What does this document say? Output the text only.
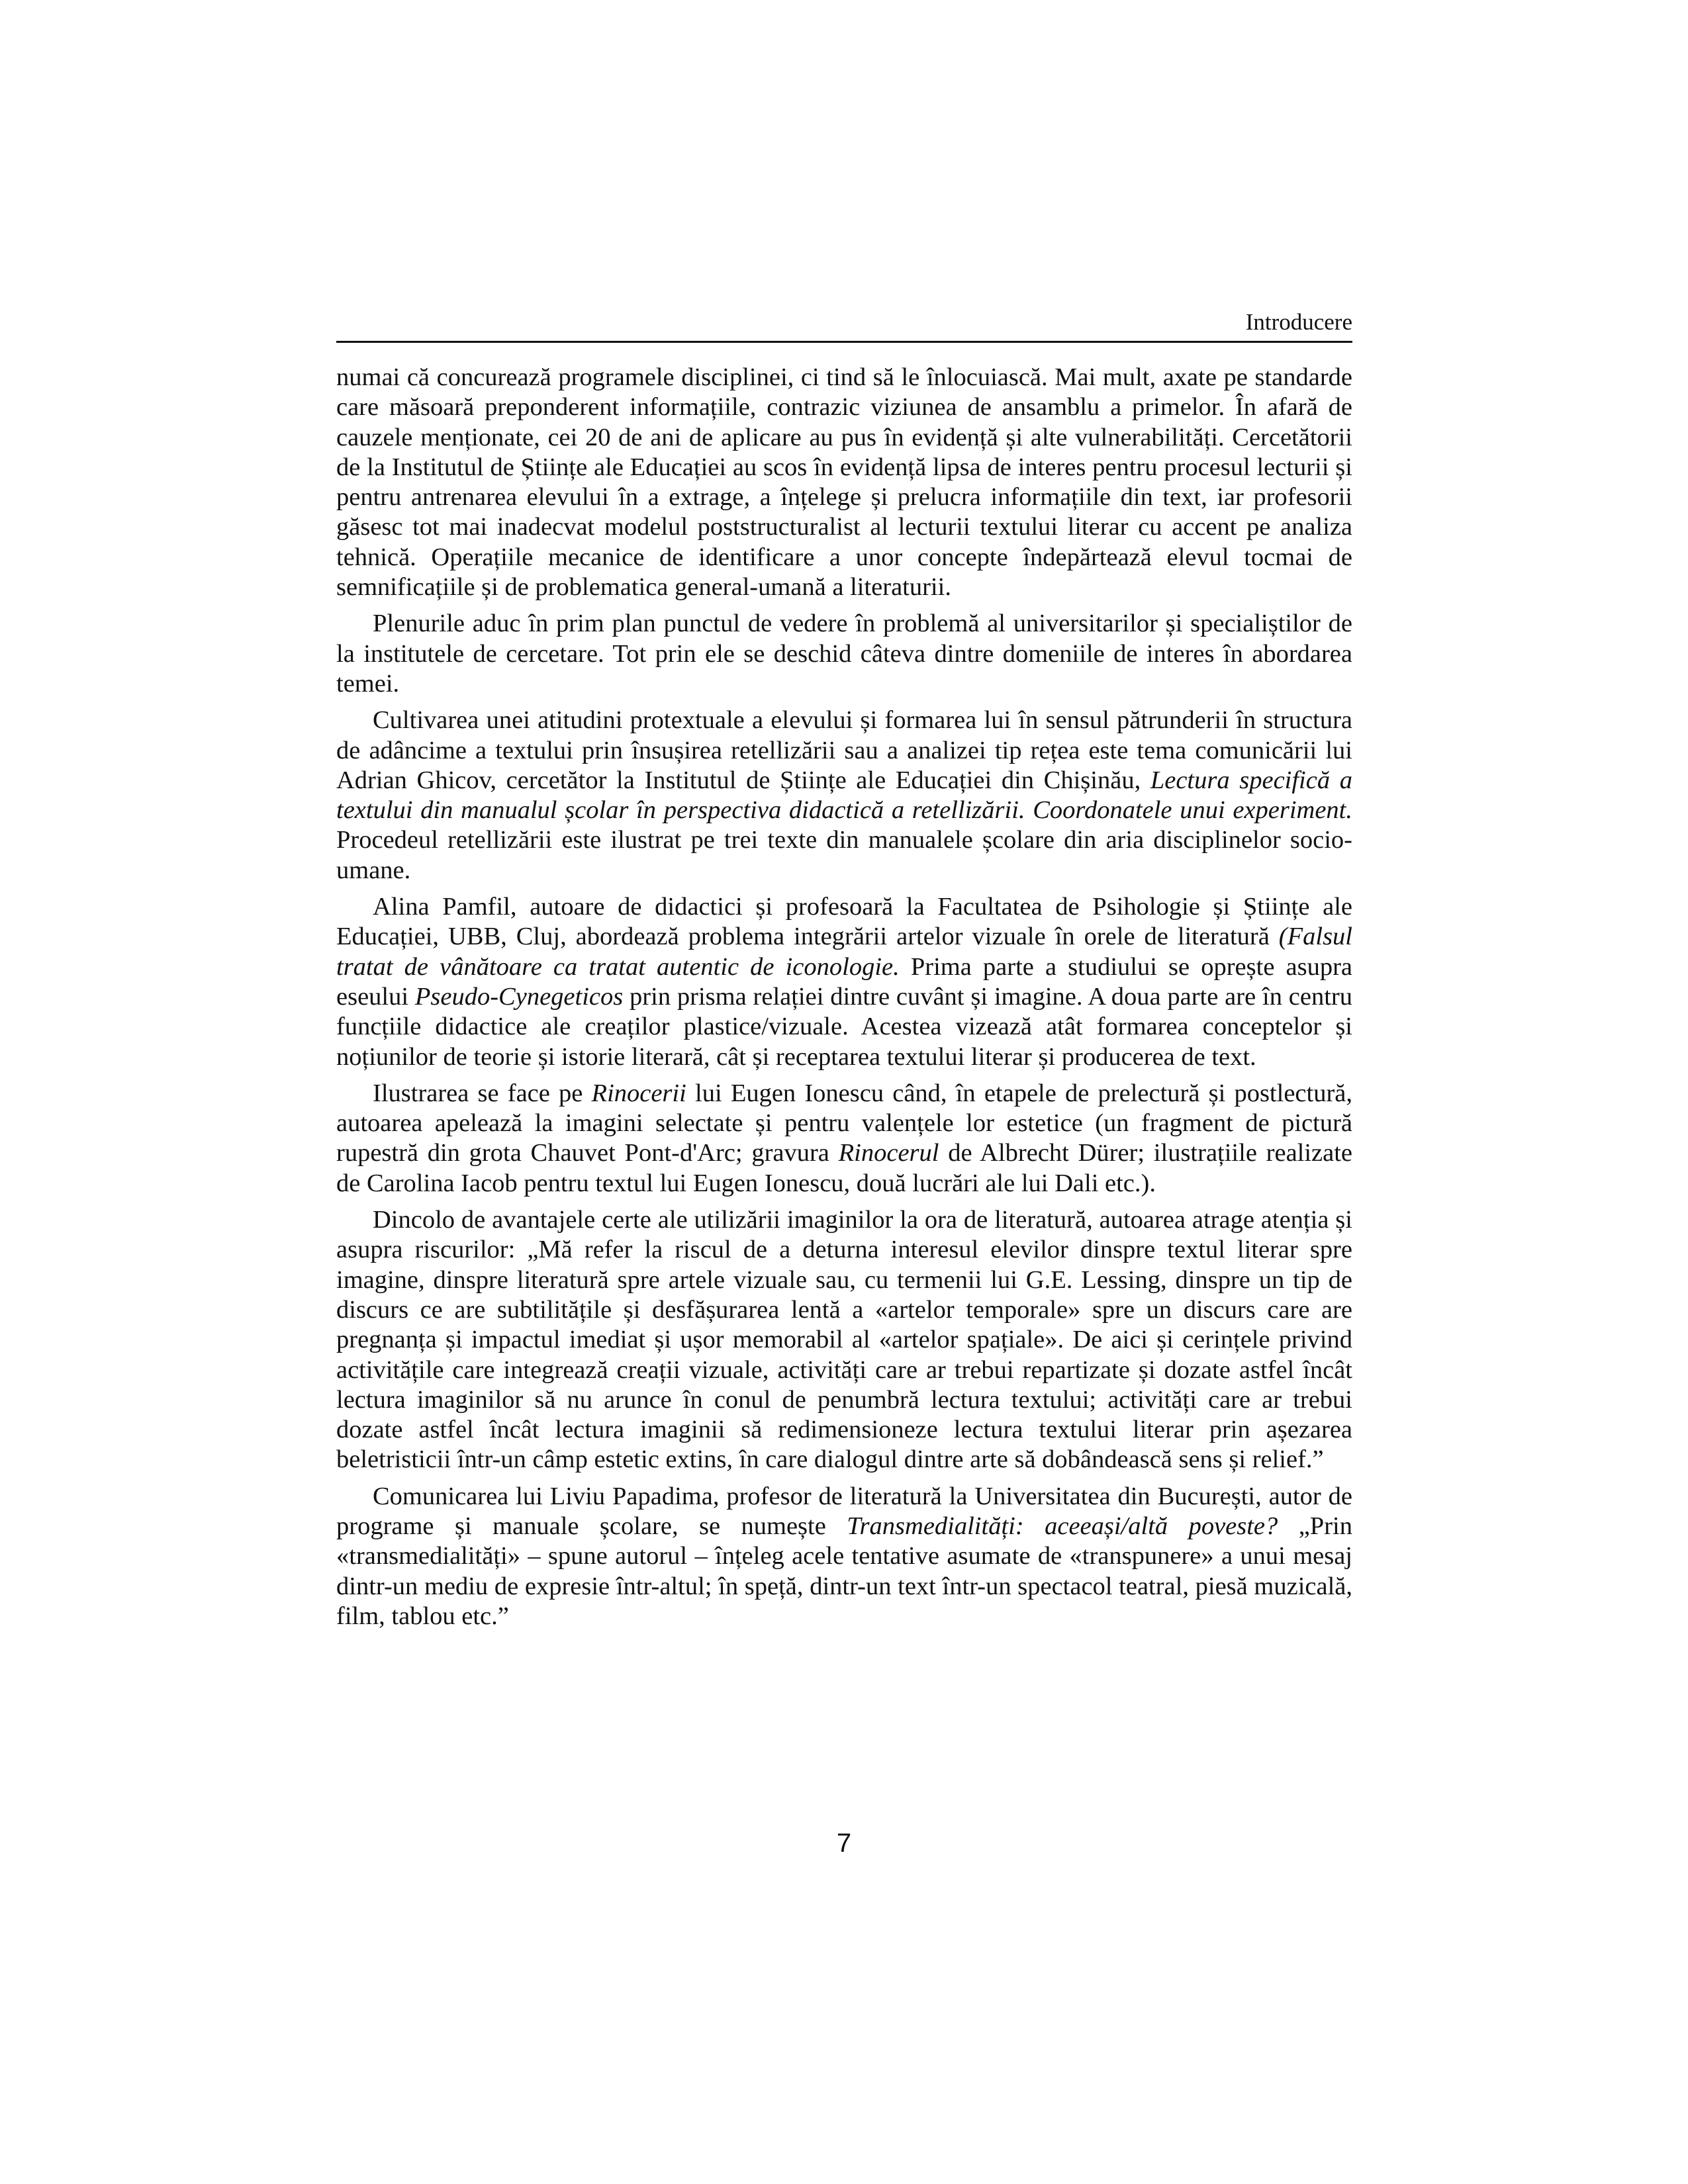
Introducere

numai că concurează programele disciplinei, ci tind să le înlocuiască. Mai mult, axate pe standarde care măsoară preponderent informațiile, contrazic viziunea de ansamblu a primelor. În afară de cauzele menționate, cei 20 de ani de aplicare au pus în evidență și alte vulnerabilități. Cercetătorii de la Institutul de Științe ale Educației au scos în evidență lipsa de interes pentru procesul lecturii și pentru antrenarea elevului în a extrage, a înțelege și prelucra informațiile din text, iar profesorii găsesc tot mai inadecvat modelul poststructuralist al lecturii textului literar cu accent pe analiza tehnică. Operațiile mecanice de identificare a unor concepte îndepărtează elevul tocmai de semnificațiile și de problematica general-umană a literaturii.

Plenurile aduc în prim plan punctul de vedere în problemă al universitarilor și specialiștilor de la institutele de cercetare. Tot prin ele se deschid câteva dintre domeniile de interes în abordarea temei.

Cultivarea unei atitudini protextuale a elevului și formarea lui în sensul pătrunderii în structura de adâncime a textului prin însușirea retellizării sau a analizei tip rețea este tema comunicării lui Adrian Ghicov, cercetător la Institutul de Științe ale Educației din Chișinău, Lectura specifică a textului din manualul școlar în perspectiva didactică a retellizării. Coordonatele unui experiment. Procedeul retellizării este ilustrat pe trei texte din manualele școlare din aria disciplinelor socio-umane.

Alina Pamfil, autoare de didactici și profesoară la Facultatea de Psihologie și Științe ale Educației, UBB, Cluj, abordează problema integrării artelor vizuale în orele de literatură (Falsul tratat de vânătoare ca tratat autentic de iconologie. Prima parte a studiului se oprește asupra eseului Pseudo-Cynegeticos prin prisma relației dintre cuvânt și imagine. A doua parte are în centru funcțiile didactice ale creaților plastice/vizuale. Acestea vizează atât formarea conceptelor și noțiunilor de teorie și istorie literară, cât și receptarea textului literar și producerea de text.

Ilustrarea se face pe Rinocerii lui Eugen Ionescu când, în etapele de prelectură și postlectură, autoarea apelează la imagini selectate și pentru valențele lor estetice (un fragment de pictură rupestră din grota Chauvet Pont-d'Arc; gravura Rinocerul de Albrecht Dürer; ilustrațiile realizate de Carolina Iacob pentru textul lui Eugen Ionescu, două lucrări ale lui Dali etc.).

Dincolo de avantajele certe ale utilizării imaginilor la ora de literatură, autoarea atrage atenția și asupra riscurilor: „Mă refer la riscul de a deturna interesul elevilor dinspre textul literar spre imagine, dinspre literatură spre artele vizuale sau, cu termenii lui G.E. Lessing, dinspre un tip de discurs ce are subtilitățile și desfășurarea lentă a «artelor temporale» spre un discurs care are pregnanța și impactul imediat și ușor memorabil al «artelor spațiale». De aici și cerințele privind activitățile care integrează creații vizuale, activități care ar trebui repartizate și dozate astfel încât lectura imaginilor să nu arunce în conul de penumbră lectura textului; activități care ar trebui dozate astfel încât lectura imaginii să redimensioneze lectura textului literar prin așezarea beletristicii într-un câmp estetic extins, în care dialogul dintre arte să dobândească sens și relief.”

Comunicarea lui Liviu Papadima, profesor de literatură la Universitatea din București, autor de programe și manuale școlare, se numește Transmedialități: aceeași/altă poveste? „Prin «transmedialități» – spune autorul – înțeleg acele tentative asumate de «transpunere» a unui mesaj dintr-un mediu de expresie într-altul; în speță, dintr-un text într-un spectacol teatral, piesă muzicală, film, tablou etc.”

7
